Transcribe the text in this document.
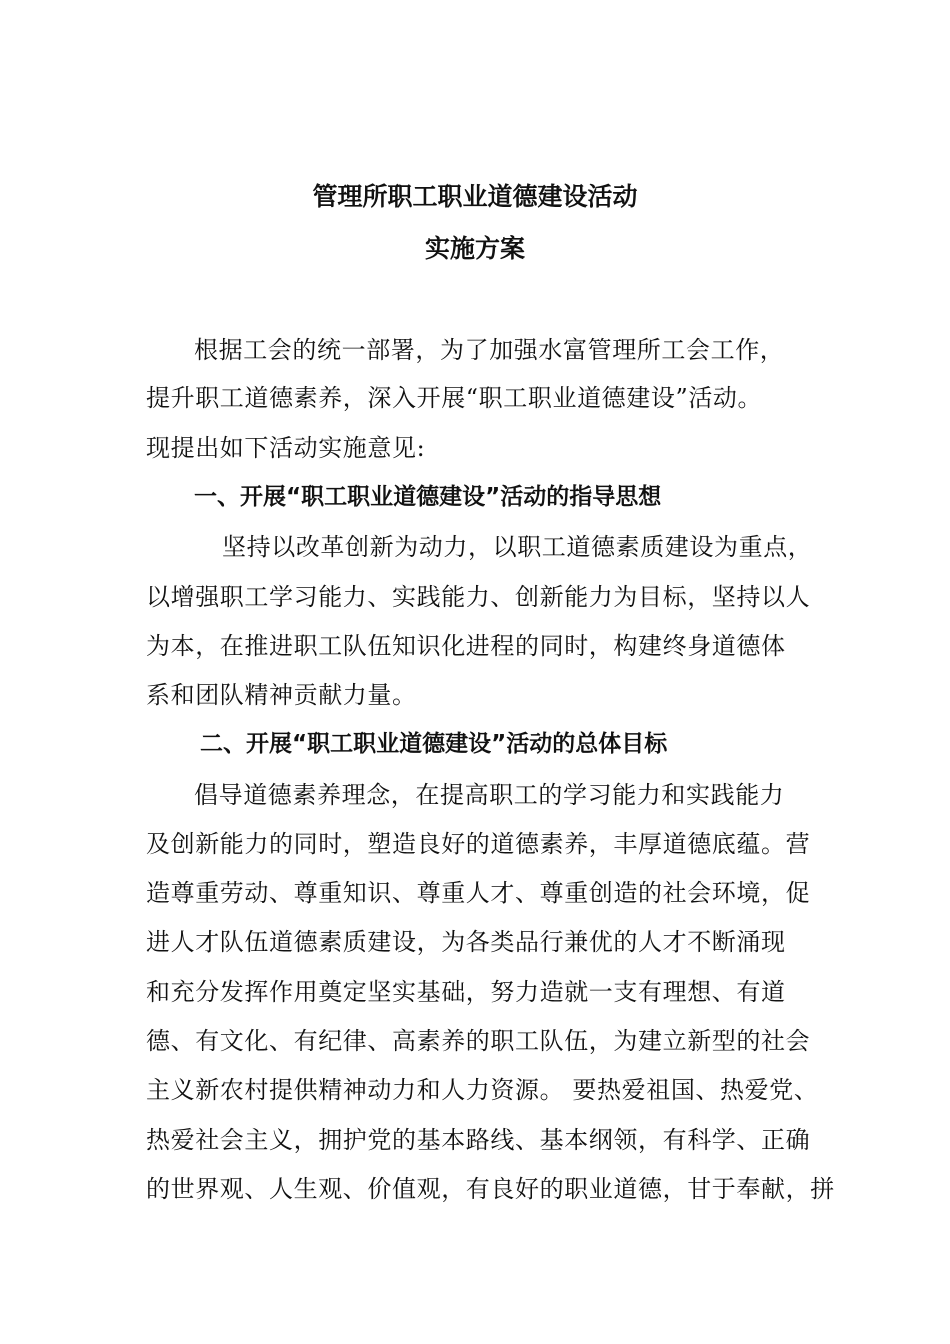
管理所职工职业道德建设活动
实施方案
根据工会的统一部署，为了加强水富管理所工会工作，
提升职工道德素养，深入开展“职工职业道德建设”活动。
现提出如下活动实施意见:
一、开展“职工职业道德建设”活动的指导思想
坚持以改革创新为动力，以职工道德素质建设为重点，
以增强职工学习能力、实践能力、创新能力为目标，坚持以人
为本，在推进职工队伍知识化进程的同时，构建终身道德体
系和团队精神贡献力量。
二、开展“职工职业道德建设”活动的总体目标
倡导道德素养理念，在提高职工的学习能力和实践能力
及创新能力的同时，塑造良好的道德素养，丰厚道德底蕴。营
造尊重劳动、尊重知识、尊重人才、尊重创造的社会环境，促
进人才队伍道德素质建设，为各类品行兼优的人才不断涌现
和充分发挥作用奠定坚实基础，努力造就一支有理想、有道
德、有文化、有纪律、高素养的职工队伍，为建立新型的社会
主义新农村提供精神动力和人力资源。 要热爱祖国、热爱党、
热爱社会主义，拥护党的基本路线、基本纲领，有科学、正确
的世界观、人生观、价值观，有良好的职业道德，甘于奉献，拼
